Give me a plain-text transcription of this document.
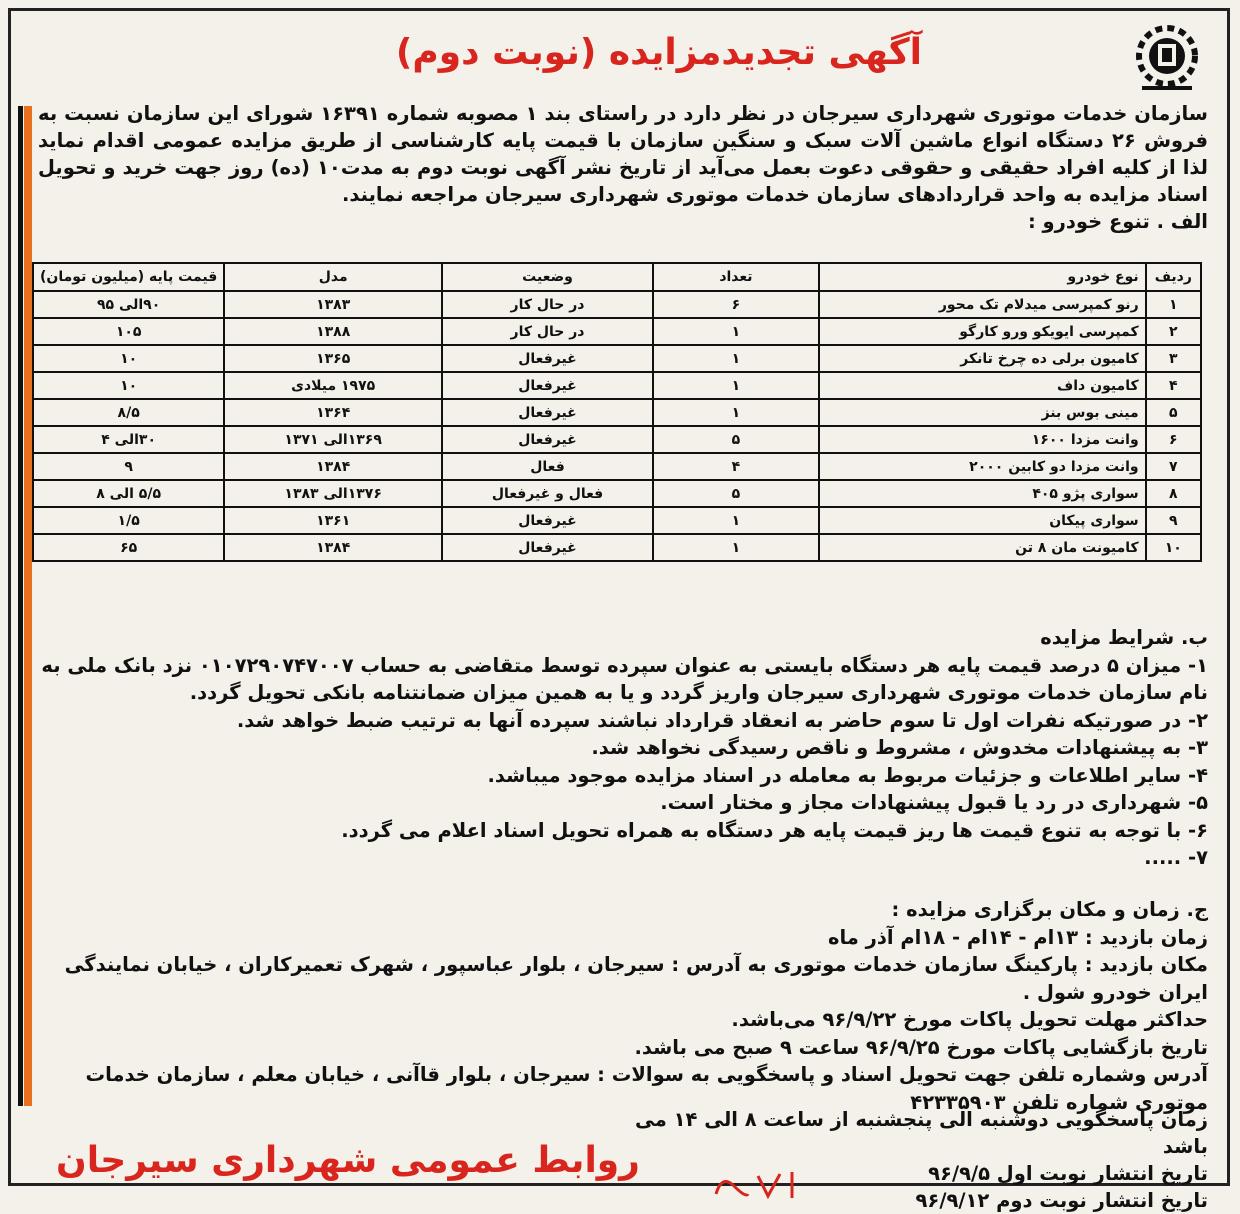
آگهی تجدیدمزایده (نوبت دوم)

سازمان خدمات موتوری شهرداری سیرجان در نظر دارد در راستای بند ۱ مصوبه شماره ۱۶۳۹۱ شورای این سازمان نسبت به فروش ۲۶ دستگاه انواع ماشین آلات سبک و سنگین سازمان با قیمت پایه کارشناسی از طریق مزایده عمومی اقدام نماید لذا از کلیه افراد حقیقی و حقوقی دعوت بعمل می‌آید از تاریخ نشر آگهی نوبت دوم به مدت۱۰ (ده) روز جهت خرید و تحویل اسناد مزایده به واحد قراردادهای سازمان خدمات موتوری شهرداری سیرجان مراجعه نمایند.

الف . تنوع خودرو :

ردیف	نوع خودرو	تعداد	وضعیت	مدل	قیمت پایه (میلیون تومان)
۱	رنو کمپرسی میدلام تک محور	۶	در حال کار	۱۳۸۳	۹۰الی ۹۵
۲	کمپرسی ایویکو ورو کارگو	۱	در حال کار	۱۳۸۸	۱۰۵
۳	کامیون برلی ده چرخ تانکر	۱	غیرفعال	۱۳۶۵	۱۰
۴	کامیون داف	۱	غیرفعال	۱۹۷۵ میلادی	۱۰
۵	مینی بوس بنز	۱	غیرفعال	۱۳۶۴	۸/۵
۶	وانت مزدا ۱۶۰۰	۵	غیرفعال	۱۳۶۹الی ۱۳۷۱	۳۰الی ۴
۷	وانت مزدا دو کابین ۲۰۰۰	۴	فعال	۱۳۸۴	۹
۸	سواری پژو ۴۰۵	۵	فعال و غیرفعال	۱۳۷۶الی ۱۳۸۳	۵/۵ الی ۸
۹	سواری پیکان	۱	غیرفعال	۱۳۶۱	۱/۵
۱۰	کامیونت مان ۸ تن	۱	غیرفعال	۱۳۸۴	۶۵

ب. شرایط مزایده

۱- میزان ۵ درصد قیمت پایه هر دستگاه بایستی به عنوان سپرده توسط متقاضی به حساب ۰۱۰۷۲۹۰۷۴۷۰۰۷ نزد بانک ملی به نام سازمان خدمات موتوری شهرداری سیرجان واریز گردد و یا به همین میزان ضمانتنامه بانکی تحویل گردد.

۲- در صورتیکه نفرات اول تا سوم حاضر به انعقاد قرارداد نباشند سپرده آنها به ترتیب ضبط خواهد شد.

۳- به پیشنهادات مخدوش ، مشروط و ناقص رسیدگی نخواهد شد.

۴- سایر اطلاعات و جزئیات مربوط به معامله در اسناد مزایده موجود میباشد.

۵- شهرداری در رد یا قبول پیشنهادات مجاز و مختار است.

۶- با توجه به تنوع قیمت ها ریز قیمت پایه هر دستگاه به همراه تحویل اسناد اعلام می گردد.

۷- .....

ج. زمان و مکان برگزاری مزایده :

زمان بازدید : ۱۳ام - ۱۴ام - ۱۸ام آذر ماه

مکان بازدید : پارکینگ سازمان خدمات موتوری به آدرس : سیرجان ، بلوار عباسپور ، شهرک تعمیرکاران ، خیابان نمایندگی ایران خودرو شول .

حداکثر مهلت تحویل پاکات مورخ ۹۶/۹/۲۲ می‌باشد.

تاریخ بازگشایی پاکات مورخ ۹۶/۹/۲۵ ساعت ۹ صبح می باشد.

آدرس وشماره تلفن جهت تحویل اسناد و پاسخگویی به سوالات : سیرجان ، بلوار قاآنی ، خیابان معلم ، سازمان خدمات موتوری شماره تلفن ۴۲۳۳۵۹۰۳

زمان پاسخگویی دوشنبه الی پنجشنبه از ساعت ۸ الی ۱۴ می باشد

تاریخ انتشار نوبت اول ۹۶/۹/۵

تاریخ انتشار نوبت دوم ۹۶/۹/۱۲

روابط عمومی شهرداری سیرجان
